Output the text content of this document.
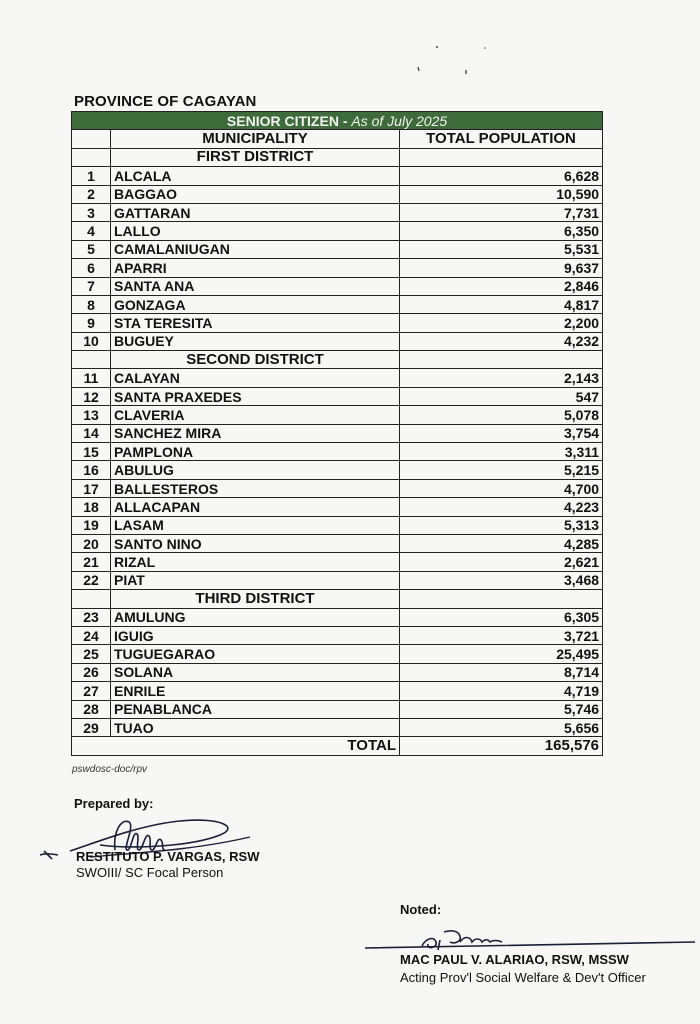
PROVINCE OF CAGAYAN
SENIOR CITIZEN - As of July 2025		
	MUNICIPALITY	TOTAL POPULATION
	FIRST DISTRICT	
1	ALCALA	6,628
2	BAGGAO	10,590
3	GATTARAN	7,731
4	LALLO	6,350
5	CAMALANIUGAN	5,531
6	APARRI	9,637
7	SANTA ANA	2,846
8	GONZAGA	4,817
9	STA TERESITA	2,200
10	BUGUEY	4,232
	SECOND DISTRICT	
11	CALAYAN	2,143
12	SANTA PRAXEDES	547
13	CLAVERIA	5,078
14	SANCHEZ MIRA	3,754
15	PAMPLONA	3,311
16	ABULUG	5,215
17	BALLESTEROS	4,700
18	ALLACAPAN	4,223
19	LASAM	5,313
20	SANTO NINO	4,285
21	RIZAL	2,621
22	PIAT	3,468
	THIRD DISTRICT	
23	AMULUNG	6,305
24	IGUIG	3,721
25	TUGUEGARAO	25,495
26	SOLANA	8,714
27	ENRILE	4,719
28	PENABLANCA	5,746
29	TUAO	5,656
TOTAL		165,576
pswdosc-doc/rpv
Prepared by:
RESTITUTO P. VARGAS, RSW
SWOIII/ SC Focal Person
Noted:
MAC PAUL V. ALARIAO, RSW, MSSW
Acting Prov'l Social Welfare & Dev't Officer
